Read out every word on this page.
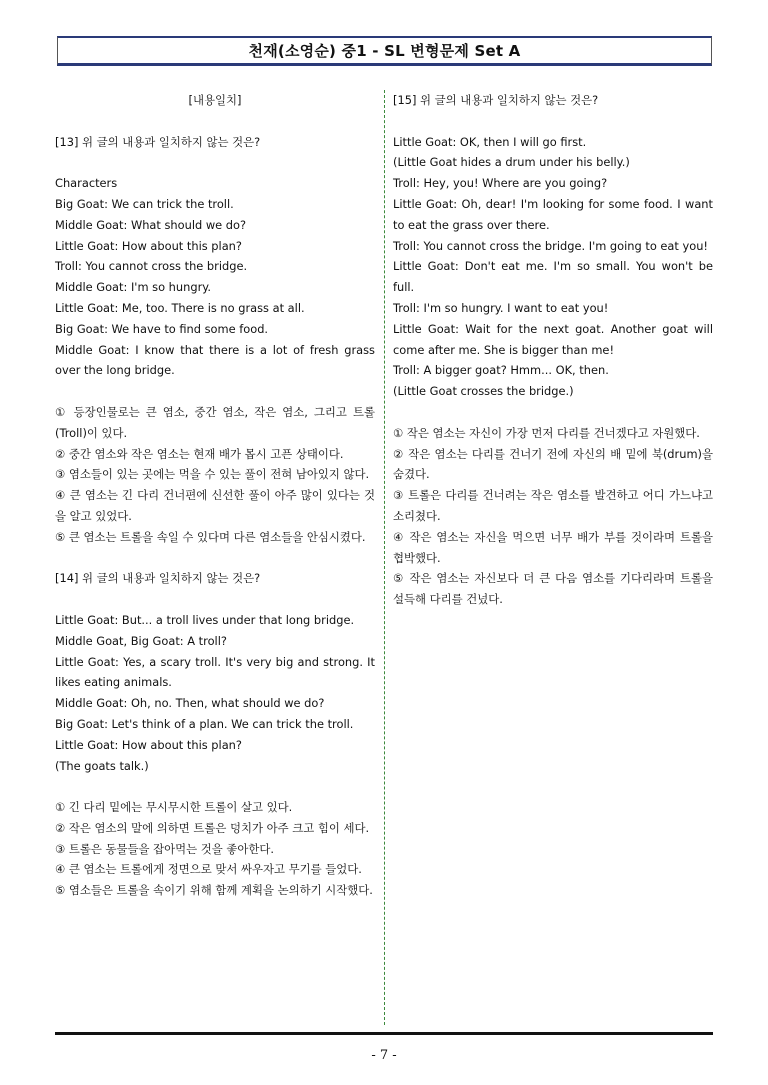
천재(소영순) 중1 - SL 변형문제 Set A

[내용일치]

[13] 위 글의 내용과 일치하지 않는 것은?

Characters

Big Goat: We can trick the troll.

Middle Goat: What should we do?

Little Goat: How about this plan?

Troll: You cannot cross the bridge.

Middle Goat: I'm so hungry.

Little Goat: Me, too. There is no grass at all.

Big Goat: We have to find some food.

Middle Goat: I know that there is a lot of fresh grass over the long bridge.

① 등장인물로는 큰 염소, 중간 염소, 작은 염소, 그리고 트롤(Troll)이 있다.

② 중간 염소와 작은 염소는 현재 배가 몹시 고픈 상태이다.

③ 염소들이 있는 곳에는 먹을 수 있는 풀이 전혀 남아있지 않다.

④ 큰 염소는 긴 다리 건너편에 신선한 풀이 아주 많이 있다는 것을 알고 있었다.

⑤ 큰 염소는 트롤을 속일 수 있다며 다른 염소들을 안심시켰다.

[14] 위 글의 내용과 일치하지 않는 것은?

Little Goat: But... a troll lives under that long bridge.

Middle Goat, Big Goat: A troll?

Little Goat: Yes, a scary troll. It's very big and strong. It likes eating animals.

Middle Goat: Oh, no. Then, what should we do?

Big Goat: Let's think of a plan. We can trick the troll.

Little Goat: How about this plan?

(The goats talk.)

① 긴 다리 밑에는 무시무시한 트롤이 살고 있다.

② 작은 염소의 말에 의하면 트롤은 덩치가 아주 크고 힘이 세다.

③ 트롤은 동물들을 잡아먹는 것을 좋아한다.

④ 큰 염소는 트롤에게 정면으로 맞서 싸우자고 무기를 들었다.

⑤ 염소들은 트롤을 속이기 위해 함께 계획을 논의하기 시작했다.

[15] 위 글의 내용과 일치하지 않는 것은?

Little Goat: OK, then I will go first.

(Little Goat hides a drum under his belly.)

Troll: Hey, you! Where are you going?

Little Goat: Oh, dear! I'm looking for some food. I want to eat the grass over there.

Troll: You cannot cross the bridge. I'm going to eat you!

Little Goat: Don't eat me. I'm so small. You won't be full.

Troll: I'm so hungry. I want to eat you!

Little Goat: Wait for the next goat. Another goat will come after me. She is bigger than me!

Troll: A bigger goat? Hmm... OK, then.

(Little Goat crosses the bridge.)

① 작은 염소는 자신이 가장 먼저 다리를 건너겠다고 자원했다.

② 작은 염소는 다리를 건너기 전에 자신의 배 밑에 북(drum)을 숨겼다.

③ 트롤은 다리를 건너려는 작은 염소를 발견하고 어디 가느냐고 소리쳤다.

④ 작은 염소는 자신을 먹으면 너무 배가 부를 것이라며 트롤을 협박했다.

⑤ 작은 염소는 자신보다 더 큰 다음 염소를 기다리라며 트롤을 설득해 다리를 건넜다.

- 7 -
